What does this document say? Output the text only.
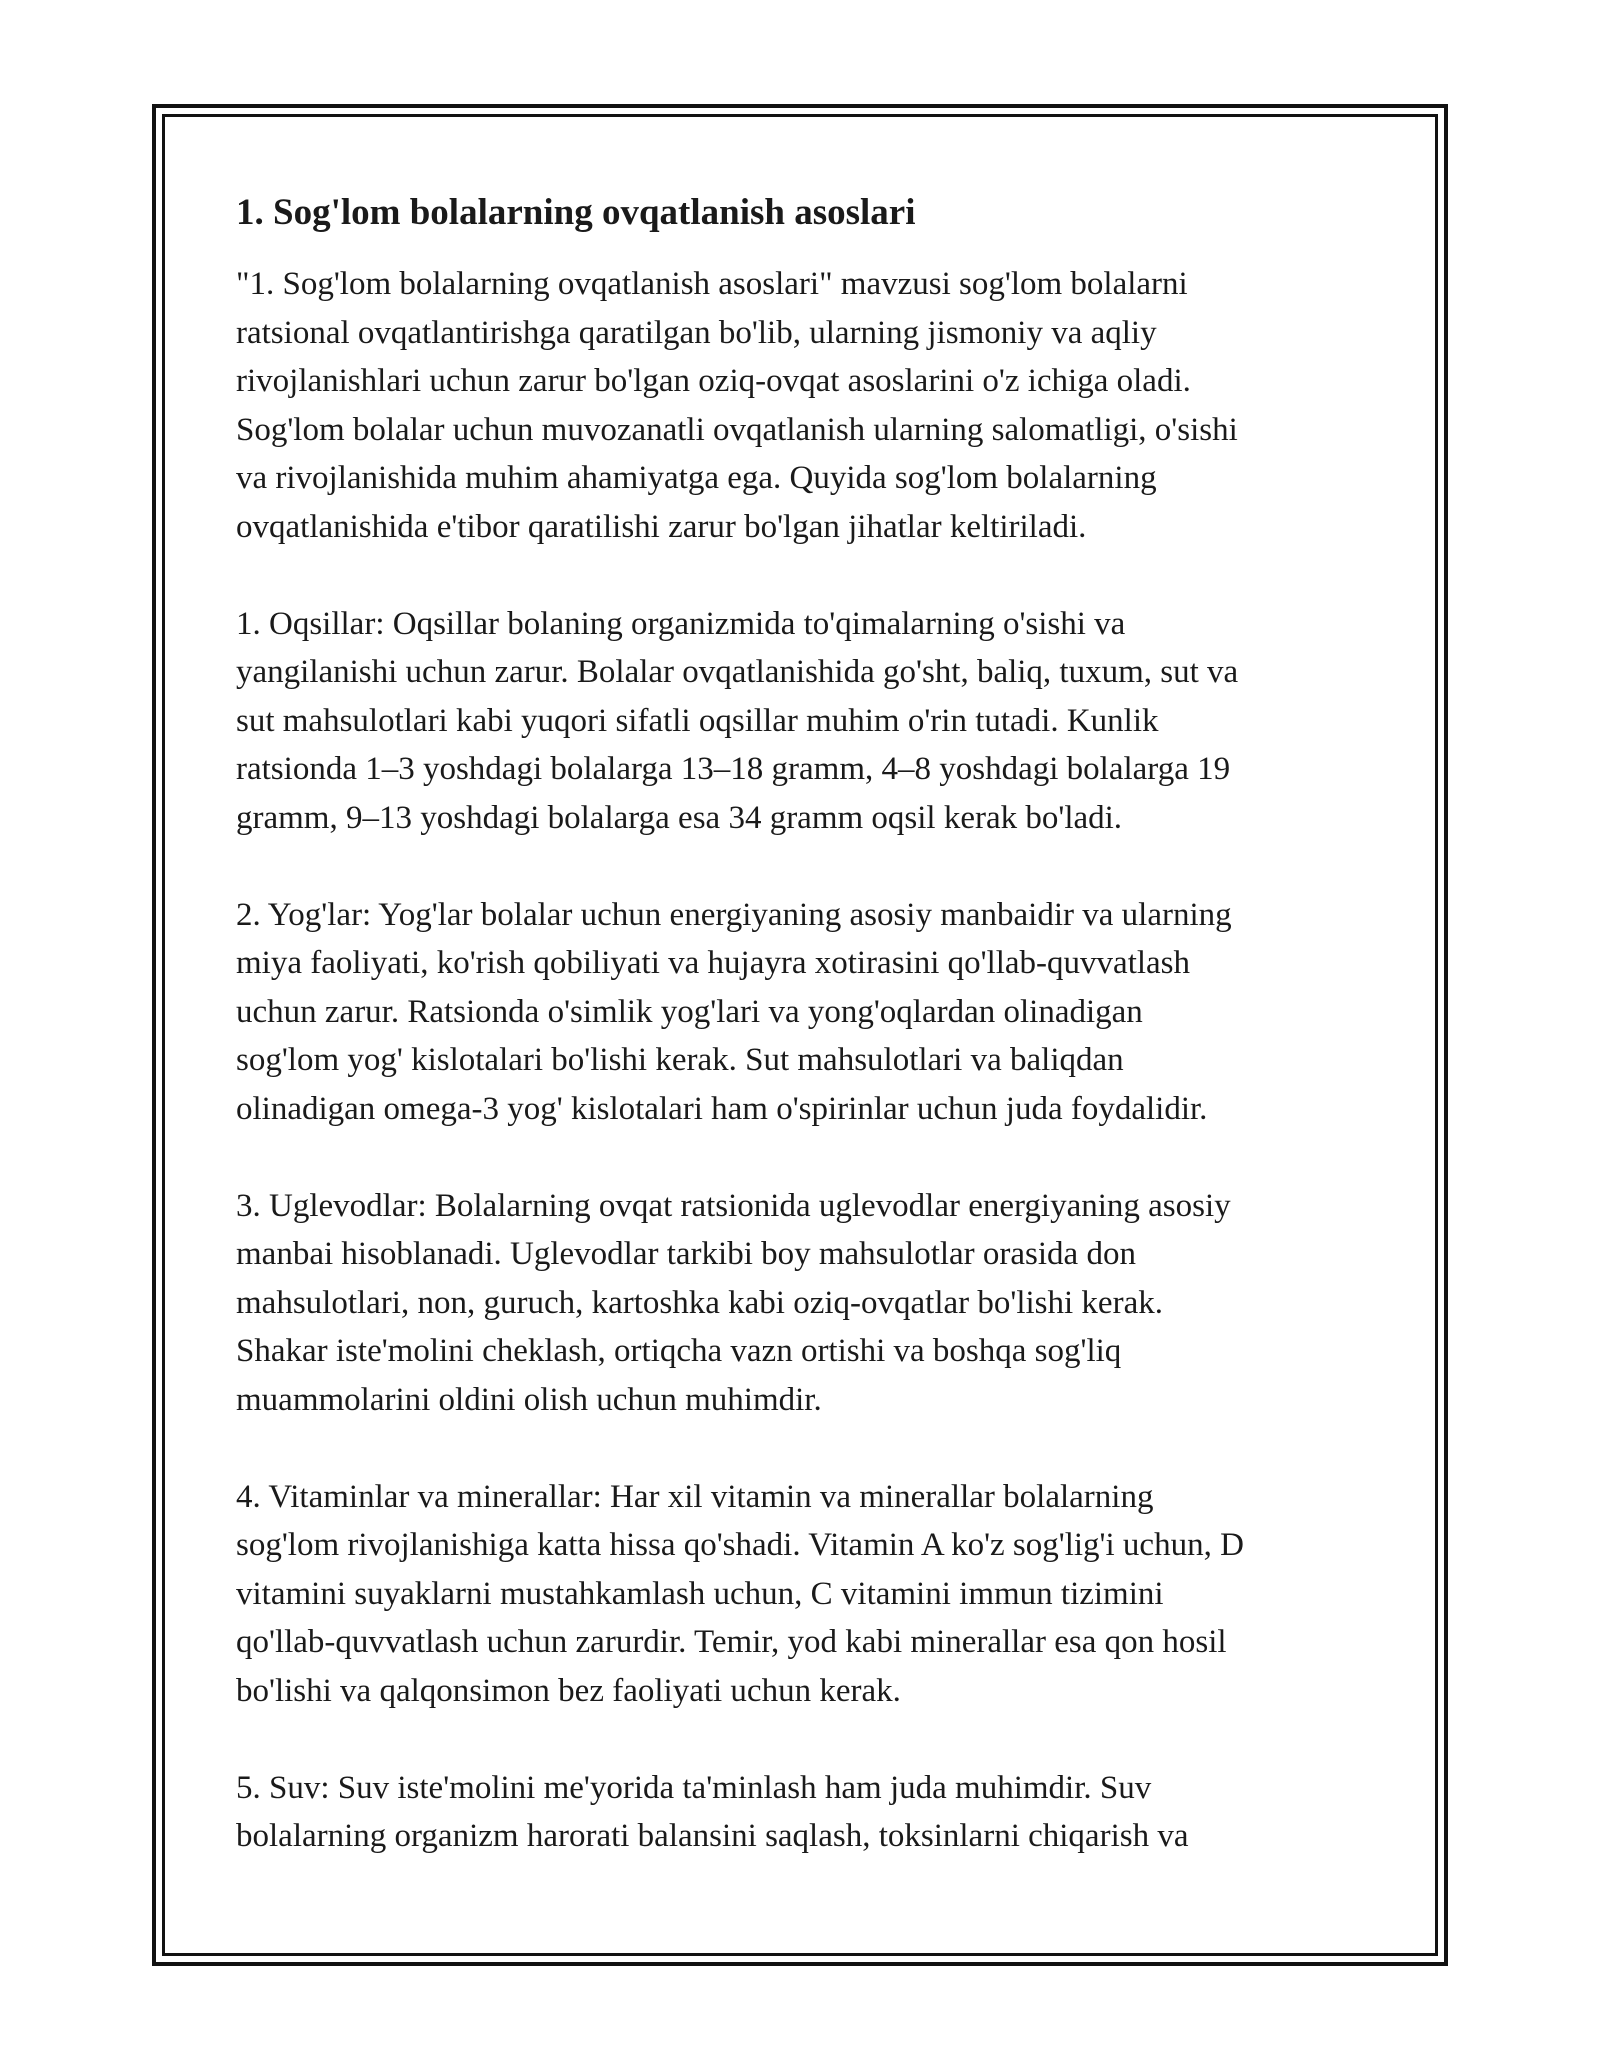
1. Sog'lom bolalarning ovqatlanish asoslari

"1. Sog'lom bolalarning ovqatlanish asoslari" mavzusi sog'lom bolalarni
ratsional ovqatlantirishga qaratilgan bo'lib, ularning jismoniy va aqliy
rivojlanishlari uchun zarur bo'lgan oziq-ovqat asoslarini o'z ichiga oladi.
Sog'lom bolalar uchun muvozanatli ovqatlanish ularning salomatligi, o'sishi
va rivojlanishida muhim ahamiyatga ega. Quyida sog'lom bolalarning
ovqatlanishida e'tibor qaratilishi zarur bo'lgan jihatlar keltiriladi.

1. Oqsillar: Oqsillar bolaning organizmida to'qimalarning o'sishi va
yangilanishi uchun zarur. Bolalar ovqatlanishida go'sht, baliq, tuxum, sut va
sut mahsulotlari kabi yuqori sifatli oqsillar muhim o'rin tutadi. Kunlik
ratsionda 1–3 yoshdagi bolalarga 13–18 gramm, 4–8 yoshdagi bolalarga 19
gramm, 9–13 yoshdagi bolalarga esa 34 gramm oqsil kerak bo'ladi.

2. Yog'lar: Yog'lar bolalar uchun energiyaning asosiy manbaidir va ularning
miya faoliyati, ko'rish qobiliyati va hujayra xotirasini qo'llab-quvvatlash
uchun zarur. Ratsionda o'simlik yog'lari va yong'oqlardan olinadigan
sog'lom yog' kislotalari bo'lishi kerak. Sut mahsulotlari va baliqdan
olinadigan omega-3 yog' kislotalari ham o'spirinlar uchun juda foydalidir.

3. Uglevodlar: Bolalarning ovqat ratsionida uglevodlar energiyaning asosiy
manbai hisoblanadi. Uglevodlar tarkibi boy mahsulotlar orasida don
mahsulotlari, non, guruch, kartoshka kabi oziq-ovqatlar bo'lishi kerak.
Shakar iste'molini cheklash, ortiqcha vazn ortishi va boshqa sog'liq
muammolarini oldini olish uchun muhimdir.

4. Vitaminlar va minerallar: Har xil vitamin va minerallar bolalarning
sog'lom rivojlanishiga katta hissa qo'shadi. Vitamin A ko'z sog'lig'i uchun, D
vitamini suyaklarni mustahkamlash uchun, C vitamini immun tizimini
qo'llab-quvvatlash uchun zarurdir. Temir, yod kabi minerallar esa qon hosil
bo'lishi va qalqonsimon bez faoliyati uchun kerak.

5. Suv: Suv iste'molini me'yorida ta'minlash ham juda muhimdir. Suv
bolalarning organizm harorati balansini saqlash, toksinlarni chiqarish va
